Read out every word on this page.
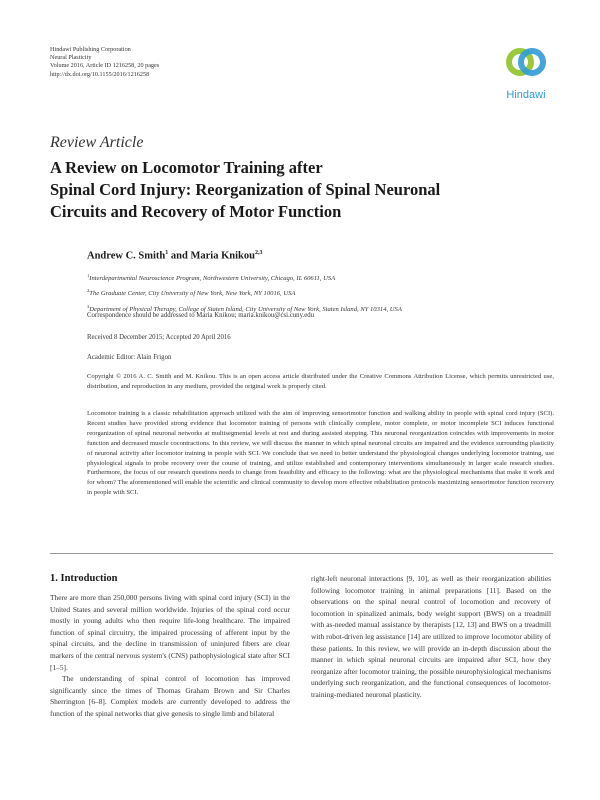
Hindawi Publishing Corporation
Neural Plasticity
Volume 2016, Article ID 1216258, 20 pages
http://dx.doi.org/10.1155/2016/1216258
Hindawi
Review Article
A Review on Locomotor Training after
Spinal Cord Injury: Reorganization of Spinal Neuronal
Circuits and Recovery of Motor Function
Andrew C. Smith$^1$ and Maria Knikou$^{2,3}$
$^1$Interdepartmental Neuroscience Program, Northwestern University, Chicago, IL 60611, USA
$^2$The Graduate Center, City University of New York, New York, NY 10016, USA
$^3$Department of Physical Therapy, College of Staten Island, City University of New York, Staten Island, NY 10314, USA
Correspondence should be addressed to Maria Knikou; maria.knikou@csi.cuny.edu
Received 8 December 2015; Accepted 20 April 2016
Academic Editor: Alain Frigon
Copyright © 2016 A. C. Smith and M. Knikou. This is an open access article distributed under the Creative Commons Attribution License, which permits unrestricted use, distribution, and reproduction in any medium, provided the original work is properly cited.
Locomotor training is a classic rehabilitation approach utilized with the aim of improving sensorimotor function and walking ability in people with spinal cord injury (SCI). Recent studies have provided strong evidence that locomotor training of persons with clinically complete, motor complete, or motor incomplete SCI induces functional reorganization of spinal neuronal networks at multisegmental levels at rest and during assisted stepping. This neuronal reorganization coincides with improvements in motor function and decreased muscle cocontractions. In this review, we will discuss the manner in which spinal neuronal circuits are impaired and the evidence surrounding plasticity of neuronal activity after locomotor training in people with SCI. We conclude that we need to better understand the physiological changes underlying locomotor training, use physiological signals to probe recovery over the course of training, and utilize established and contemporary interventions simultaneously in larger scale research studies. Furthermore, the focus of our research questions needs to change from feasibility and efficacy to the following: what are the physiological mechanisms that make it work and for whom? The aforementioned will enable the scientific and clinical community to develop more effective rehabilitation protocols maximizing sensorimotor function recovery in people with SCI.
1. Introduction

There are more than 250,000 persons living with spinal cord injury (SCI) in the United States and several million worldwide. Injuries of the spinal cord occur mostly in young adults who then require life-long healthcare. The impaired function of spinal circuitry, the impaired processing of afferent input by the spinal circuits, and the decline in transmission of uninjured fibers are clear markers of the central nervous system's (CNS) pathophysiological state after SCI [1–5].

The understanding of spinal control of locomotion has improved significantly since the times of Thomas Graham Brown and Sir Charles Sherrington [6–8]. Complex models are currently developed to address the function of the spinal networks that give genesis to single limb and bilateral

right-left neuronal interactions [9, 10], as well as their reorganization abilities following locomotor training in animal preparations [11]. Based on the observations on the spinal neural control of locomotion and recovery of locomotion in spinalized animals, body weight support (BWS) on a treadmill with as-needed manual assistance by therapists [12, 13] and BWS on a treadmill with robot-driven leg assistance [14] are utilized to improve locomotor ability of these patients. In this review, we will provide an in-depth discussion about the manner in which spinal neuronal circuits are impaired after SCI, how they reorganize after locomotor training, the possible neurophysiological mechanisms underlying such reorganization, and the functional consequences of locomotor-training-mediated neuronal plasticity.
